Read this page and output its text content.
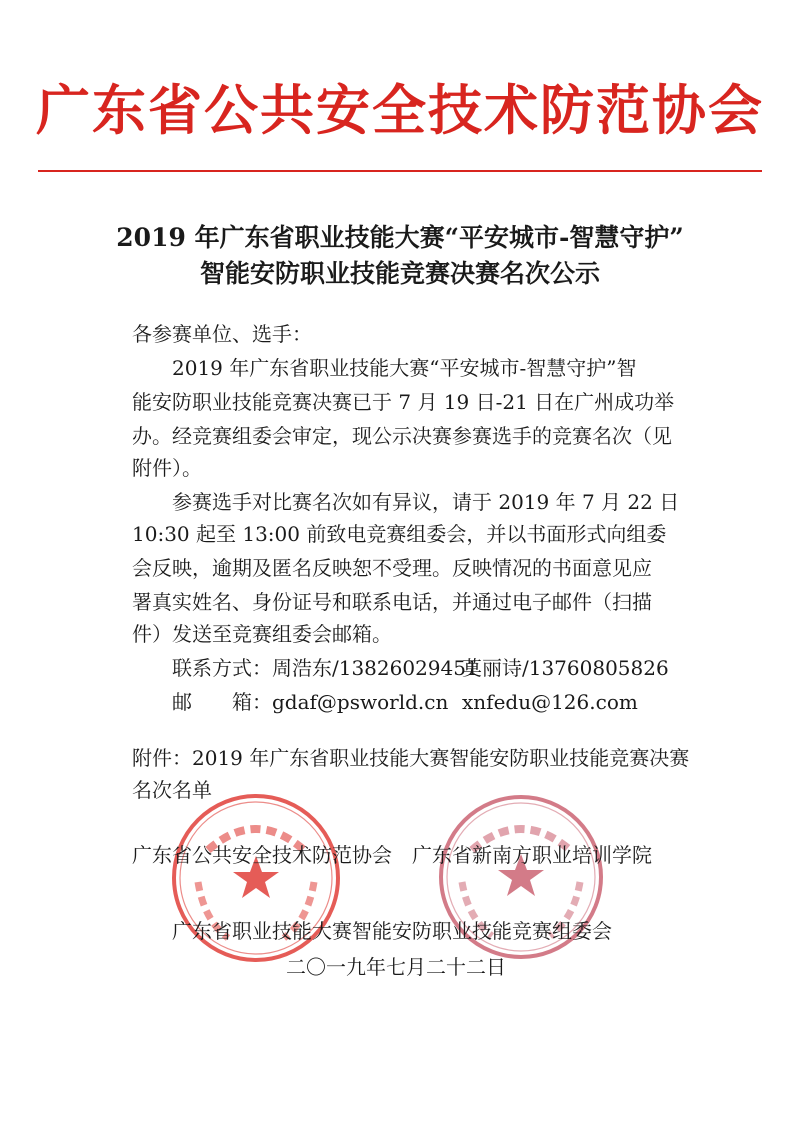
广东省公共安全技术防范协会
2019 年广东省职业技能大赛“平安城市-智慧守护”
智能安防职业技能竞赛决赛名次公示
各参赛单位、选手：
2019 年广东省职业技能大赛“平安城市-智慧守护”智
能安防职业技能竞赛决赛已于 7 月 19 日-21 日在广州成功举
办。经竞赛组委会审定，现公示决赛参赛选手的竞赛名次（见
附件）。
参赛选手对比赛名次如有异议，请于 2019 年 7 月 22 日
10:30 起至 13:00 前致电竞赛组委会，并以书面形式向组委
会反映，逾期及匿名反映恕不受理。反映情况的书面意见应
署真实姓名、身份证号和联系电话，并通过电子邮件（扫描
件）发送至竞赛组委会邮箱。
联系方式： 周浩东/13826029451
莫丽诗/13760805826
邮　　箱： gdaf@psworld.cn xnfedu@126.com
附件：2019 年广东省职业技能大赛智能安防职业技能竞赛决赛
名次名单
广东省公共安全技术防范协会 广东省新南方职业培训学院
广东省职业技能大赛智能安防职业技能竞赛组委会
二〇一九年七月二十二日
